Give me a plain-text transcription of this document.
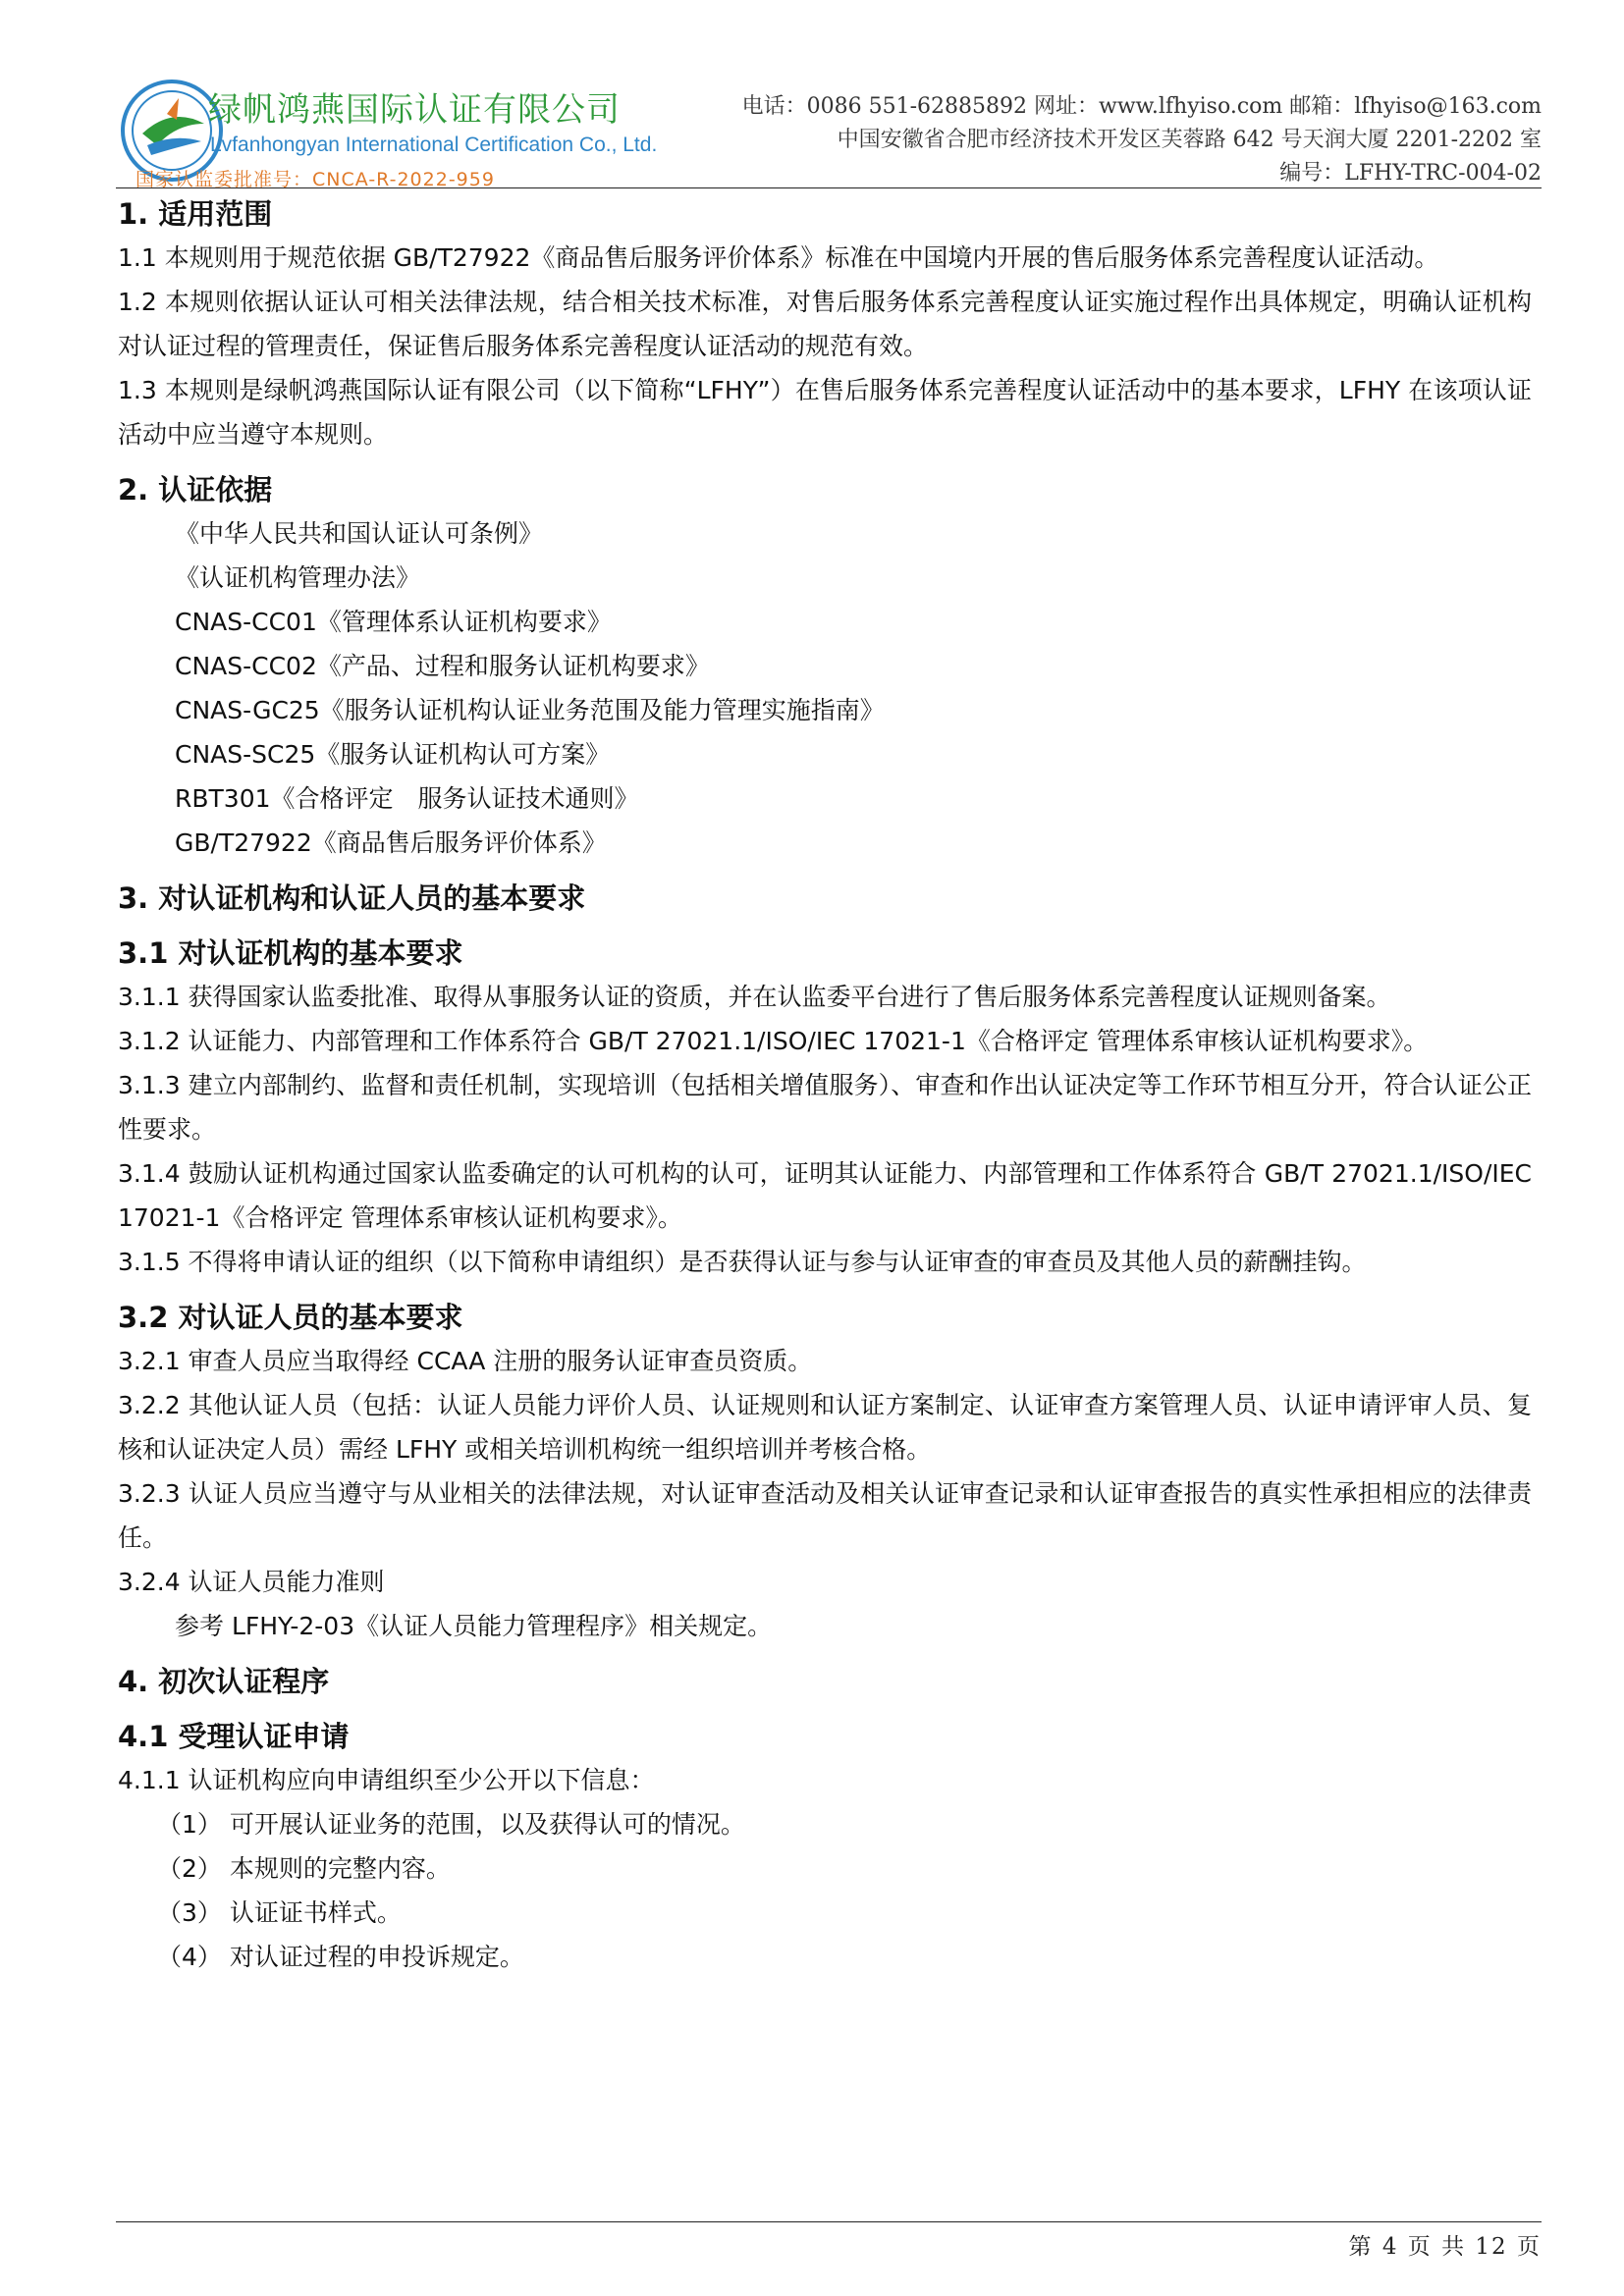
绿帆鸿燕国际认证有限公司
Lvfanhongyan International Certification Co., Ltd.
国家认监委批准号：CNCA-R-2022-959
电话：0086 551-62885892 网址：www.lfhyiso.com 邮箱：lfhyiso@163.com
中国安徽省合肥市经济技术开发区芙蓉路 642 号天润大厦 2201-2202 室
编号：LFHY-TRC-004-02

1. 适用范围

1.1 本规则用于规范依据 GB/T27922《商品售后服务评价体系》标准在中国境内开展的售后服务体系完善程度认证活动。

1.2 本规则依据认证认可相关法律法规，结合相关技术标准，对售后服务体系完善程度认证实施过程作出具体规定，明确认证机构对认证过程的管理责任，保证售后服务体系完善程度认证活动的规范有效。

1.3 本规则是绿帆鸿燕国际认证有限公司（以下简称“LFHY”）在售后服务体系完善程度认证活动中的基本要求，LFHY 在该项认证活动中应当遵守本规则。

2. 认证依据

《中华人民共和国认证认可条例》

《认证机构管理办法》

CNAS-CC01《管理体系认证机构要求》

CNAS-CC02《产品、过程和服务认证机构要求》

CNAS-GC25《服务认证机构认证业务范围及能力管理实施指南》

CNAS-SC25《服务认证机构认可方案》

RBT301《合格评定　服务认证技术通则》

GB/T27922《商品售后服务评价体系》

3. 对认证机构和认证人员的基本要求

3.1 对认证机构的基本要求

3.1.1 获得国家认监委批准、取得从事服务认证的资质，并在认监委平台进行了售后服务体系完善程度认证规则备案。

3.1.2 认证能力、内部管理和工作体系符合 GB/T 27021.1/ISO/IEC 17021-1《合格评定 管理体系审核认证机构要求》。

3.1.3 建立内部制约、监督和责任机制，实现培训（包括相关增值服务）、审查和作出认证决定等工作环节相互分开，符合认证公正性要求。

3.1.4 鼓励认证机构通过国家认监委确定的认可机构的认可，证明其认证能力、内部管理和工作体系符合 GB/T 27021.1/ISO/IEC 17021-1《合格评定 管理体系审核认证机构要求》。

3.1.5 不得将申请认证的组织（以下简称申请组织）是否获得认证与参与认证审查的审查员及其他人员的薪酬挂钩。

3.2 对认证人员的基本要求

3.2.1 审查人员应当取得经 CCAA 注册的服务认证审查员资质。

3.2.2 其他认证人员（包括：认证人员能力评价人员、认证规则和认证方案制定、认证审查方案管理人员、认证申请评审人员、复核和认证决定人员）需经 LFHY 或相关培训机构统一组织培训并考核合格。

3.2.3 认证人员应当遵守与从业相关的法律法规，对认证审查活动及相关认证审查记录和认证审查报告的真实性承担相应的法律责任。

3.2.4 认证人员能力准则

参考 LFHY-2-03《认证人员能力管理程序》相关规定。

4. 初次认证程序

4.1 受理认证申请

4.1.1 认证机构应向申请组织至少公开以下信息：

（1） 可开展认证业务的范围，以及获得认可的情况。

（2） 本规则的完整内容。

（3） 认证证书样式。

（4） 对认证过程的申投诉规定。

第 4 页 共 12 页
